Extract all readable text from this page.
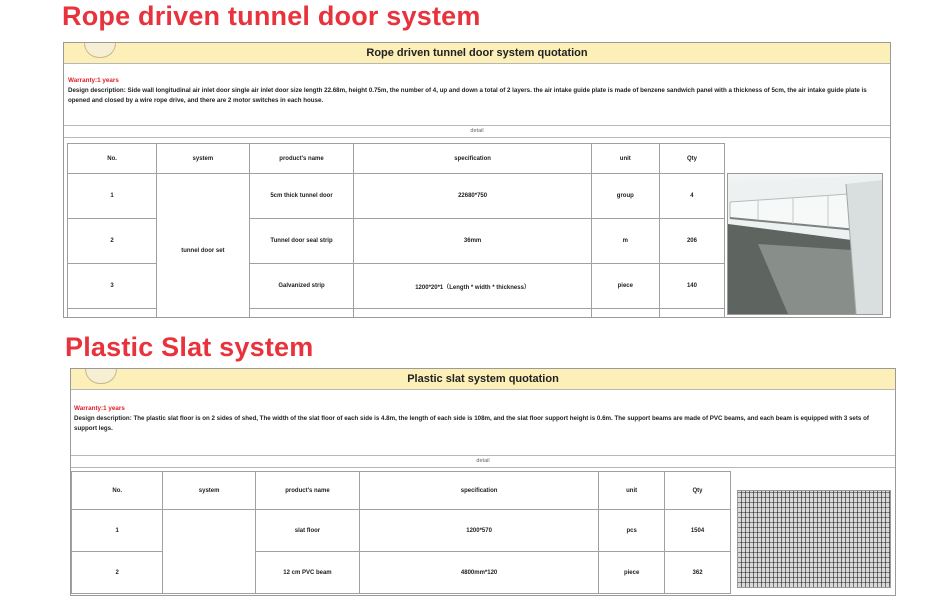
Rope driven tunnel door system
Rope driven tunnel door system quotation
Warranty:1 years
Design description: Side wall longitudinal air inlet door single air inlet door size length 22.68m, height 0.75m, the number of 4, up and down a total of 2 layers. the air intake guide plate is made of benzene sandwich panel with a thickness of 5cm, the air intake guide plate is opened and closed by a wire rope drive, and there are 2 motor switches in each house.
detail
No.	system	product's name	specification	unit	Qty
1	tunnel door set	5cm thick tunnel door	22680*750	group	4
2		Tunnel door seal strip	36mm	m	206
3		Galvanized strip	1200*20*1（Length * width * thickness）	piece	140

Plastic Slat system
Plastic slat system quotation
Warranty:1 years
Design description: The plastic slat floor is on 2 sides of shed, The width of the slat floor of each side is 4.8m, the length of each side is 108m, and the slat floor support height is 0.6m. The support beams are made of PVC beams, and each beam is equipped with 3 sets of support legs.
detail
No.	system	product's name	specification	unit	Qty
1		slat floor	1200*570	pcs	1504
2		12 cm PVC beam	4800mm*120	piece	362
